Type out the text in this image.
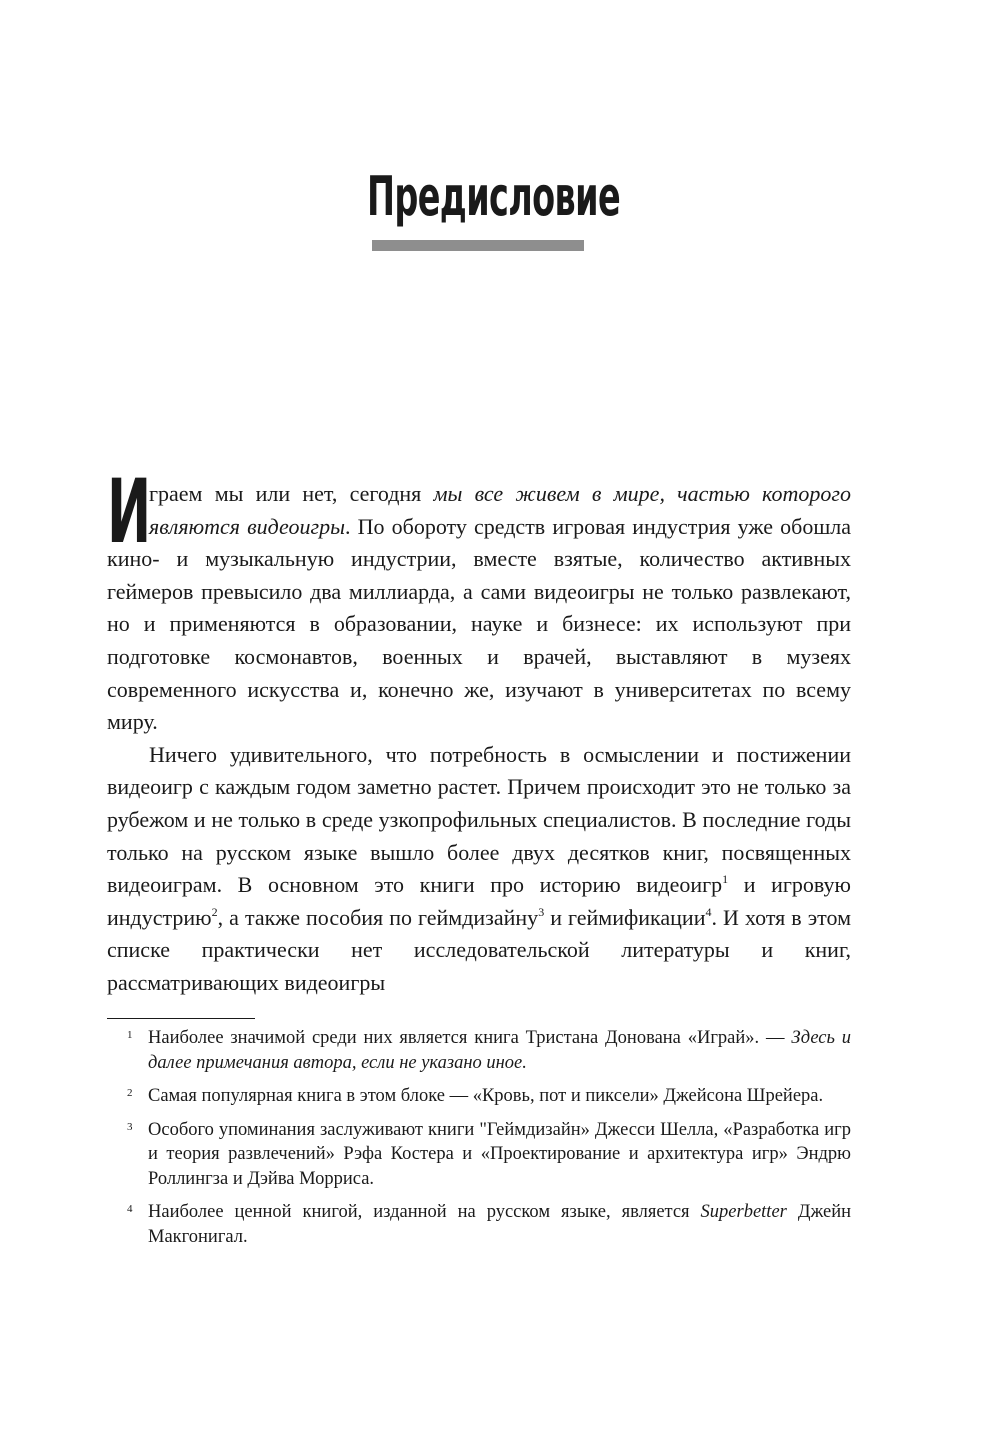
Предисловие

И
граем мы или нет, сегодня мы все живем в мире, частью которого являются видеоигры. По обороту средств игровая индустрия уже обошла кино- и музыкальную индустрии, вместе взятые, количество активных геймеров превысило два миллиарда, а сами видеоигры не только развлекают, но и применяются в образовании, науке и бизнесе: их используют при подготовке космонавтов, военных и врачей, выставляют в музеях современного искусства и, конечно же, изучают в университетах по всему миру.

Ничего удивительного, что потребность в осмыслении и постижении видеоигр с каждым годом заметно растет. Причем происходит это не только за рубежом и не только в среде узкопрофильных специалистов. В последние годы только на русском языке вышло более двух десятков книг, посвященных видеоиграм. В основном это книги про историю видеоигр$^1$ и игровую индустрию$^2$, а также пособия по геймдизайну$^3$ и геймификации$^4$. И хотя в этом списке практически нет исследовательской литературы и книг, рассматривающих видеоигры

1 Наиболее значимой среди них является книга Тристана Донована «Играй». — Здесь и далее примечания автора, если не указано иное.
2 Самая популярная книга в этом блоке — «Кровь, пот и пиксели» Джейсона Шрейера.
3 Особого упоминания заслуживают книги "Геймдизайн» Джесси Шелла, «Разработка игр и теория развлечений» Рэфа Костера и «Проектирование и архитектура игр» Эндрю Роллингза и Дэйва Морриса.
4 Наиболее ценной книгой, изданной на русском языке, является Superbetter Джейн Макгонигал.
